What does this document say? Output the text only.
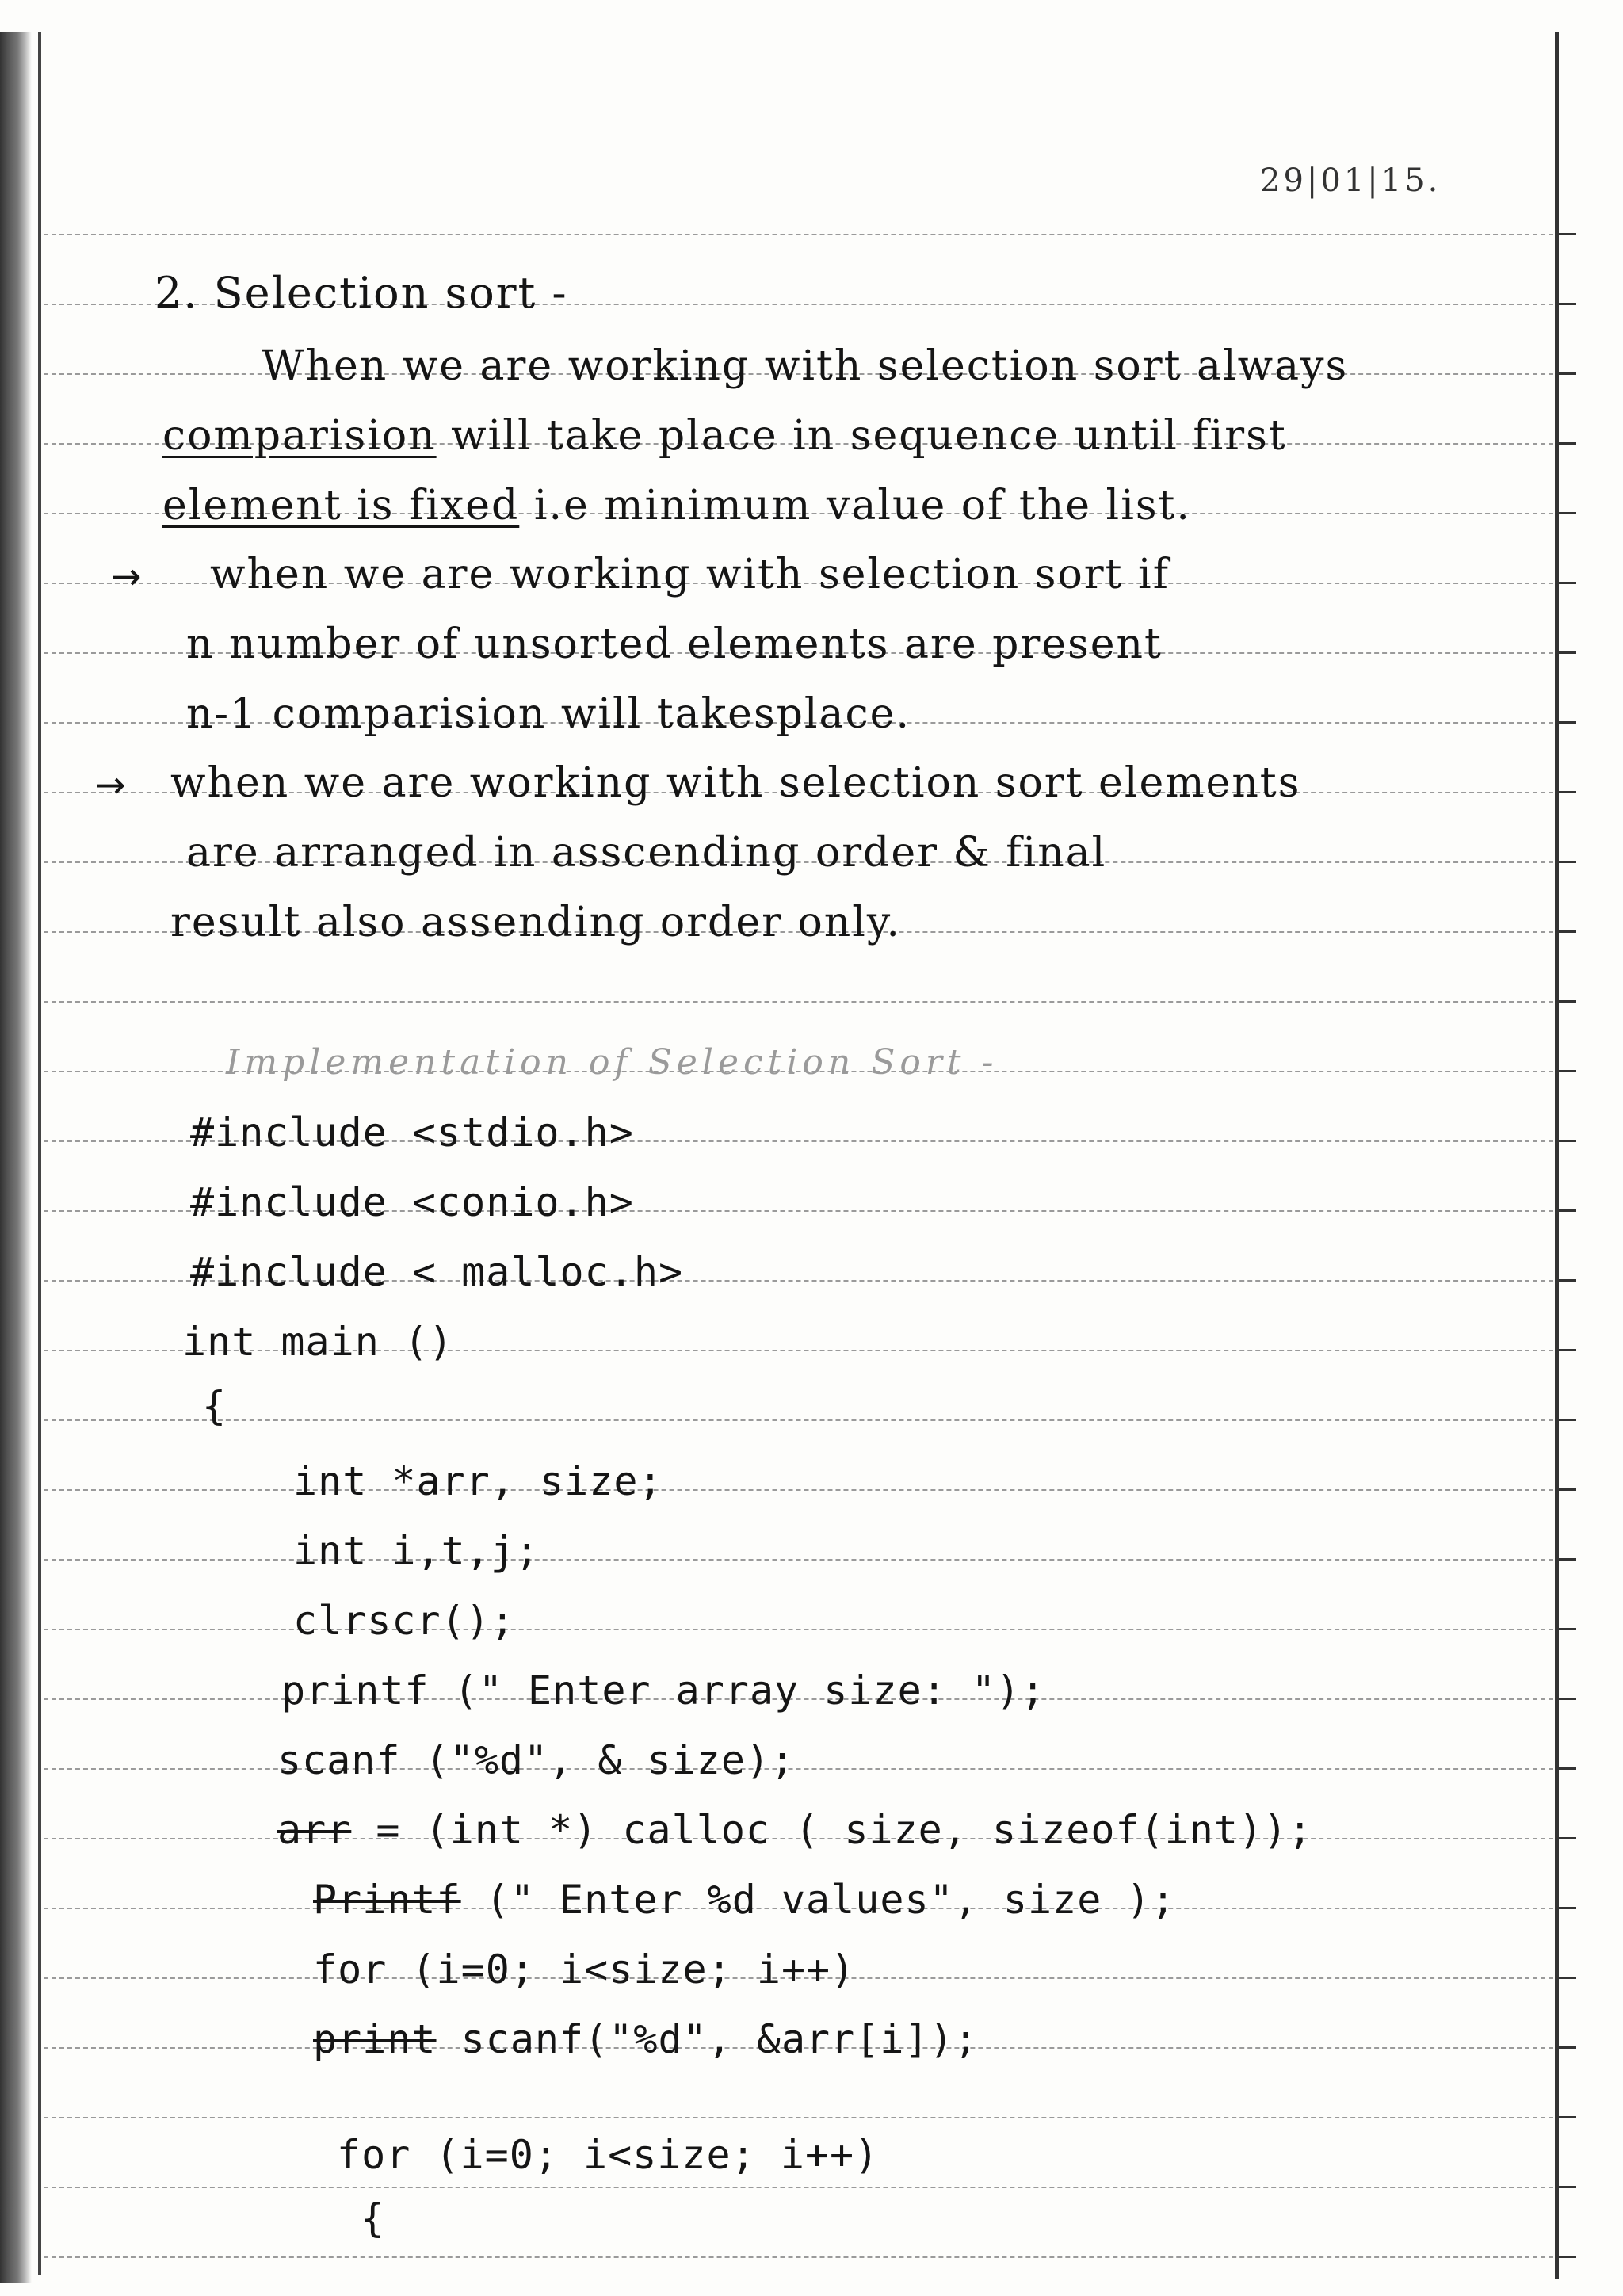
29|01|15.
2. Selection sort -
When we are working with selection sort always
comparision will take place in sequence until first
element is fixed i.e minimum value of the list.
→ when we are working with selection sort if
n number of unsorted elements are present
n-1 comparision will takesplace.
→ when we are working with selection sort elements
are arranged in asscending order & final
result also assending order only.
Implementation of Selection Sort -
#include <stdio.h>
#include <conio.h>
#include < malloc.h>
int main ()
{
int *arr, size;
int i,t,j;
clrscr();
printf (" Enter array size: ");
scanf ("%d", & size);
arr = (int *) calloc ( size, sizeof(int));
Printf (" Enter %d values", size );
for (i=0; i<size; i++)
print scanf("%d", &arr[i]);
for (i=0; i<size; i++)
{
